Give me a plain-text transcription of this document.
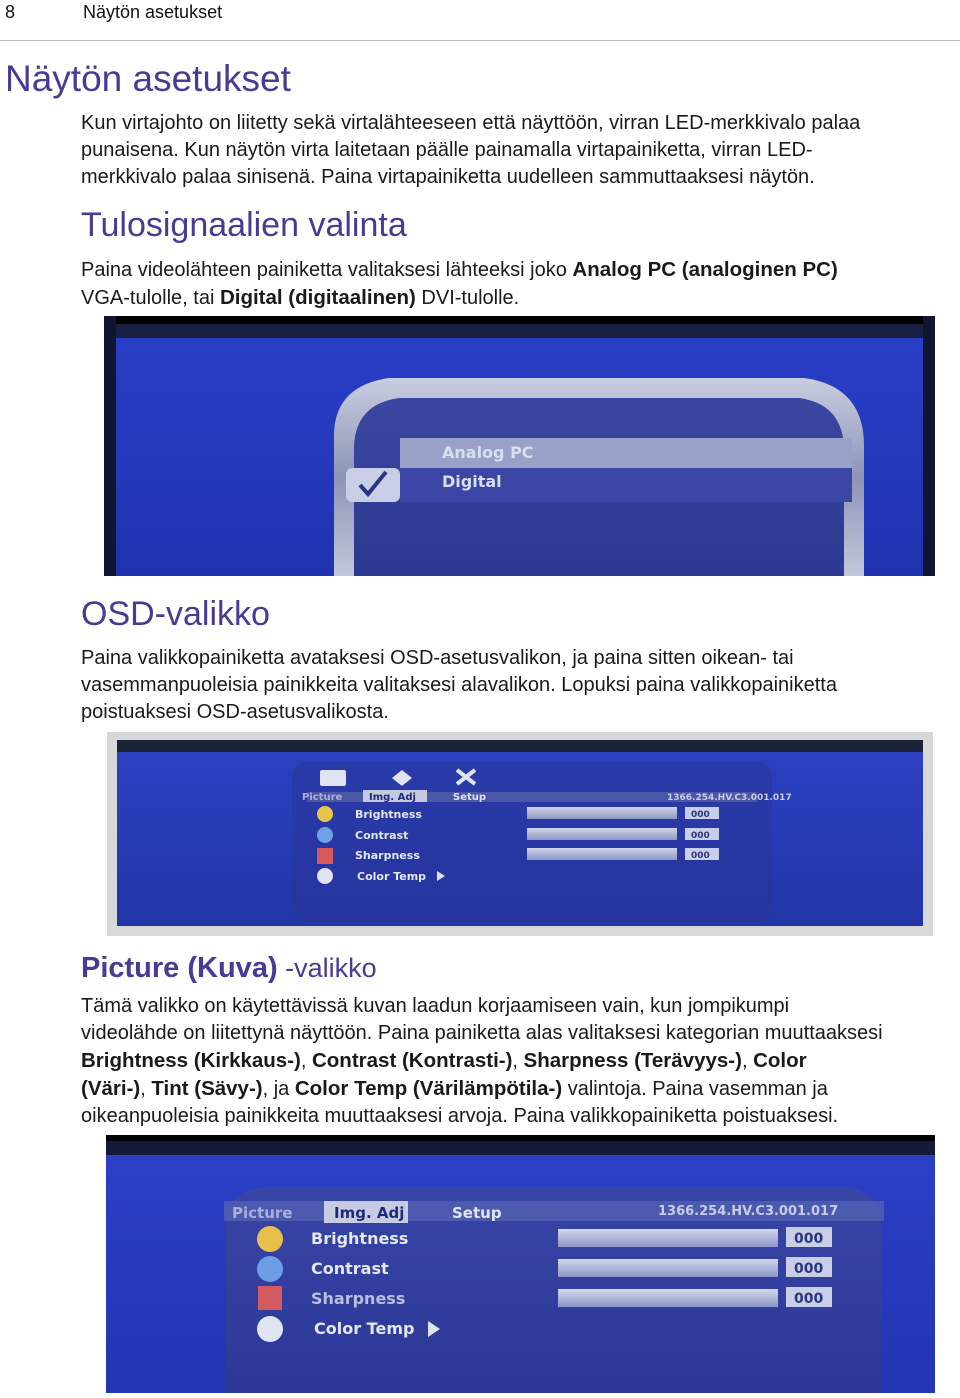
8	Näytön asetukset
Näytön asetukset
Kun virtajohto on liitetty sekä virtalähteeseen että näyttöön, virran LED-merkkivalo palaa
punaisena. Kun näytön virta laitetaan päälle painamalla virtapainiketta, virran LED-
merkkivalo palaa sinisenä. Paina virtapainiketta uudelleen sammuttaaksesi näytön.
Tulosignaalien valinta
Paina videolähteen painiketta valitaksesi lähteeksi joko Analog PC (analoginen PC)
VGA-tulolle, tai Digital (digitaalinen) DVI-tulolle.
Analog PC
Digital
OSD-valikko
Paina valikkopainiketta avataksesi OSD-asetusvalikon, ja paina sitten oikean- tai
vasemmanpuoleisia painikkeita valitaksesi alavalikon. Lopuksi paina valikkopainiketta
poistuaksesi OSD-asetusvalikosta.
Picture	Img. Adj	Setup	1366.254.HV.C3.001.017
Brightness
Contrast
Sharpness
Color Temp
000
000
000
Picture (Kuva) -valikko
Tämä valikko on käytettävissä kuvan laadun korjaamiseen vain, kun jompikumpi
videolähde on liitettynä näyttöön. Paina painiketta alas valitaksesi kategorian muuttaaksesi
Brightness (Kirkkaus-), Contrast (Kontrasti-), Sharpness (Terävyys-), Color
(Väri-), Tint (Sävy-), ja Color Temp (Värilämpötila-) valintoja. Paina vasemman ja
oikeanpuoleisia painikkeita muuttaaksesi arvoja. Paina valikkopainiketta poistuaksesi.
Picture	Img. Adj	Setup	1366.254.HV.C3.001.017
Brightness
Contrast
Sharpness
Color Temp
000
000
000
